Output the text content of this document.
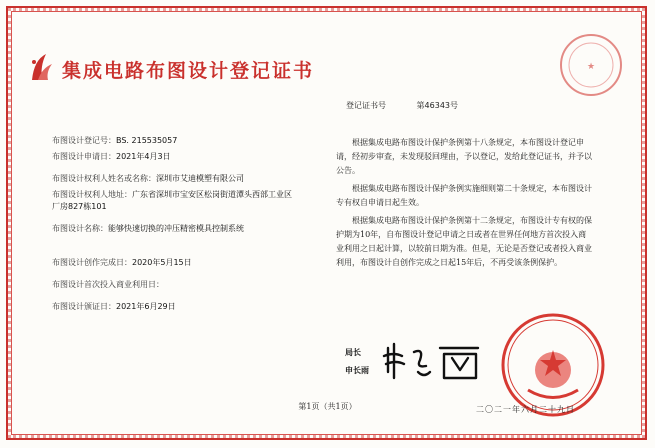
集成电路布图设计登记证书	★
登记证书号	第46343号
布图设计登记号：BS. 215535057
布图设计申请日：2021年4月3日
布图设计权利人姓名或名称：深圳市艾迪模塑有限公司
布图设计权利人地址：广东省深圳市宝安区松岗街道潭头西部工业区厂房827栋101
布图设计名称：能够快速切换的冲压精密模具控制系统
布图设计创作完成日：2020年5月15日
布图设计首次投入商业利用日：
布图设计颁证日：2021年6月29日

根据集成电路布图设计保护条例第十八条规定，本布图设计登记申请，经初步审查，未发现驳回理由，予以登记，发给此登记证书，并予以公告。

根据集成电路布图设计保护条例实施细则第二十条规定，本布图设计专有权自申请日起生效。

根据集成电路布图设计保护条例第十二条规定，布图设计专有权的保护期为10年，自布图设计登记申请之日或者在世界任何地方首次投入商业利用之日起计算，以较前日期为准。但是，无论是否登记或者投入商业利用，布图设计自创作完成之日起15年后，不再受该条例保护。

局长
申长雨
第1页（共1页）	二〇二一年六月二十九日
